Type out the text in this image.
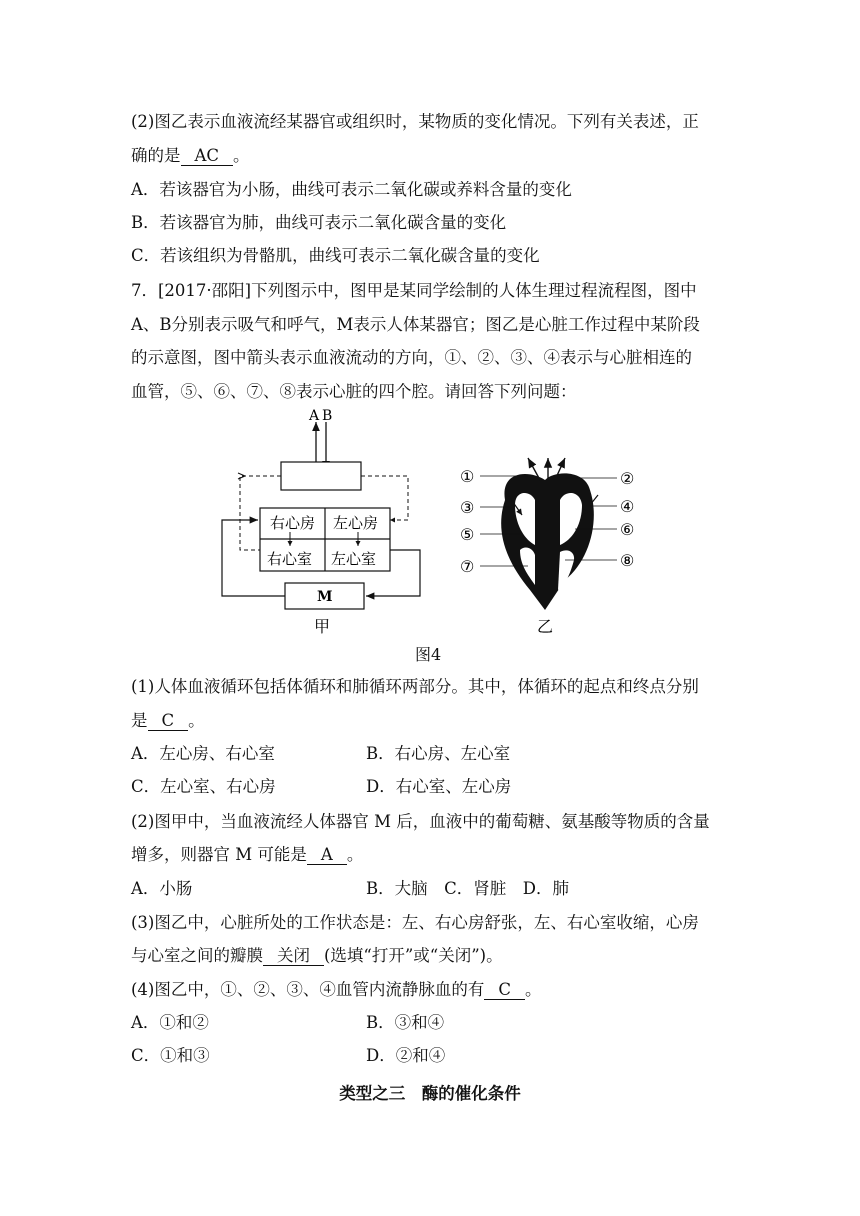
(2)图乙表示血液流经某器官或组织时，某物质的变化情况。下列有关表述，正
确的是 AC 。
A．若该器官为小肠，曲线可表示二氧化碳或养料含量的变化
B．若该器官为肺，曲线可表示二氧化碳含量的变化
C．若该组织为骨骼肌，曲线可表示二氧化碳含量的变化
7．[2017·邵阳]下列图示中，图甲是某同学绘制的人体生理过程流程图，图中
A、B分别表示吸气和呼气，M表示人体某器官；图乙是心脏工作过程中某阶段
的示意图，图中箭头表示血液流动的方向，①、②、③、④表示与心脏相连的
血管，⑤、⑥、⑦、⑧表示心脏的四个腔。请回答下列问题：
A B
右心房 左心房
右心室 左心室
M
甲
①	②
③	④
⑤	⑥
⑦	⑧
乙
图4
(1)人体血液循环包括体循环和肺循环两部分。其中，体循环的起点和终点分别
是 C 。
A．左心房、右心室	B．右心房、左心室
C．左心室、右心房	D．右心室、左心房
(2)图甲中，当血液流经人体器官 M 后，血液中的葡萄糖、氨基酸等物质的含量
增多，则器官 M 可能是 A 。
A．小肠	B．大脑　C．肾脏　D．肺
(3)图乙中，心脏所处的工作状态是：左、右心房舒张，左、右心室收缩，心房
与心室之间的瓣膜 关闭 (选填“打开”或“关闭”)。
(4)图乙中，①、②、③、④血管内流静脉血的有 C 。
A．①和②	B．③和④
C．①和③	D．②和④
类型之三　酶的催化条件
